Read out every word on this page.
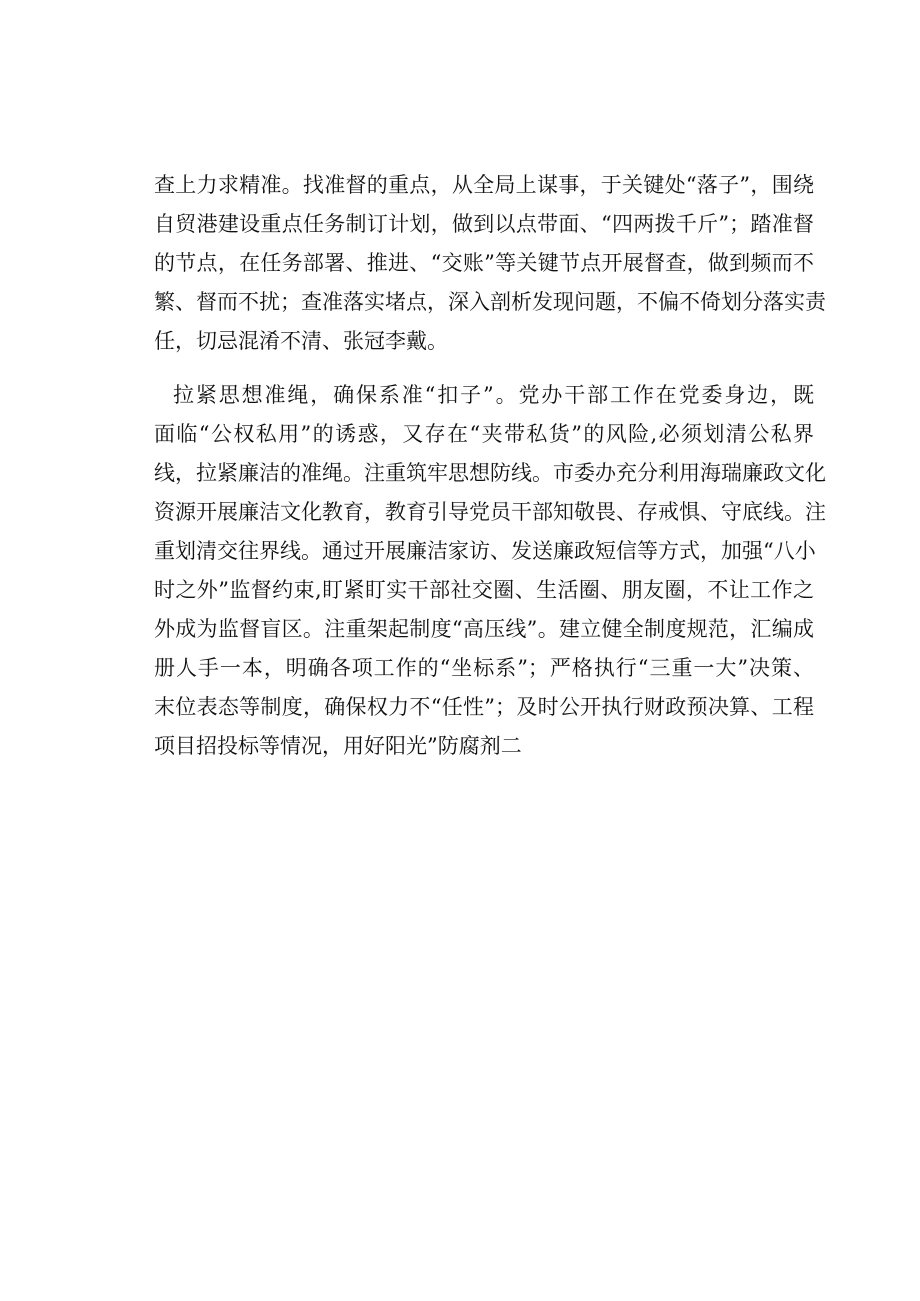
查上力求精准。找准督的重点，从全局上谋事，于关键处“落子”，围绕
自贸港建设重点任务制订计划，做到以点带面、“四两拨千斤”；踏准督
的节点，在任务部署、推进、“交账”等关键节点开展督查，做到频而不
繁、督而不扰；查准落实堵点，深入剖析发现问题，不偏不倚划分落实责
任，切忌混淆不清、张冠李戴。
拉紧思想准绳，确保系准“扣子”。党办干部工作在党委身边，既
面临“公权私用”的诱惑，又存在“夹带私货”的风险,必须划清公私界
线，拉紧廉洁的准绳。注重筑牢思想防线。市委办充分利用海瑞廉政文化
资源开展廉洁文化教育，教育引导党员干部知敬畏、存戒惧、守底线。注
重划清交往界线。通过开展廉洁家访、发送廉政短信等方式，加强“八小
时之外”监督约束,盯紧盯实干部社交圈、生活圈、朋友圈，不让工作之
外成为监督盲区。注重架起制度“高压线”。建立健全制度规范，汇编成
册人手一本，明确各项工作的“坐标系”；严格执行“三重一大”决策、
末位表态等制度，确保权力不“任性”；及时公开执行财政预决算、工程
项目招投标等情况，用好阳光”防腐剂二
